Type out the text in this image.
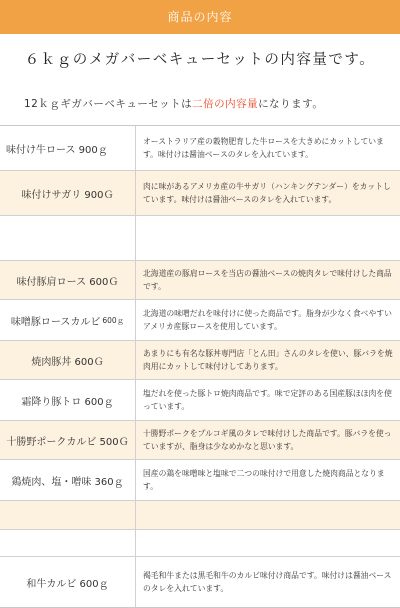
商品の内容
６ｋｇのメガバーベキューセットの内容量です。
12ｋｇギガバーベキューセットは二倍の内容量になります。
味付け牛ロース 900ｇ
オーストラリア産の穀物肥育した牛ロースを大きめにカットしています。味付けは醤油ベースのタレを入れています。
味付けサガリ 900Ｇ
肉に味があるアメリカ産の牛サガリ（ハンキングテンダー）をカットしています。味付けは醤油ベースのタレを入れています。
味付豚肩ロース 600Ｇ
北海道産の豚肩ロースを当店の醤油ベースの焼肉タレで味付けした商品です。
味噌豚ロースカルビ 600ｇ
北海道の味噌だれを味付けに使った商品です。脂身が少なく食べやすいアメリカ産豚ロースを使用しています。
焼肉豚丼 600Ｇ
あまりにも有名な豚丼専門店「とん田」さんのタレを使い、豚バラを焼肉用にカットして味付けしてあります。
霜降り豚トロ 600ｇ
塩だれを使った豚トロ焼肉商品です。味で定評のある国産豚ほほ肉を使っています。
十勝野ポークカルビ 500Ｇ
十勝野ポークをプルコギ風のタレで味付けした商品です。豚バラを使っていますが、脂身は少なめかなと思います。
鶏焼肉、塩・噌味 360ｇ
国産の鶏を味噌味と塩味で二つの味付けで用意した焼肉商品となります。
和牛カルビ 600ｇ
褐毛和牛または黒毛和牛のカルビ味付け商品です。味付けは醤油ベースのタレを入れています。
